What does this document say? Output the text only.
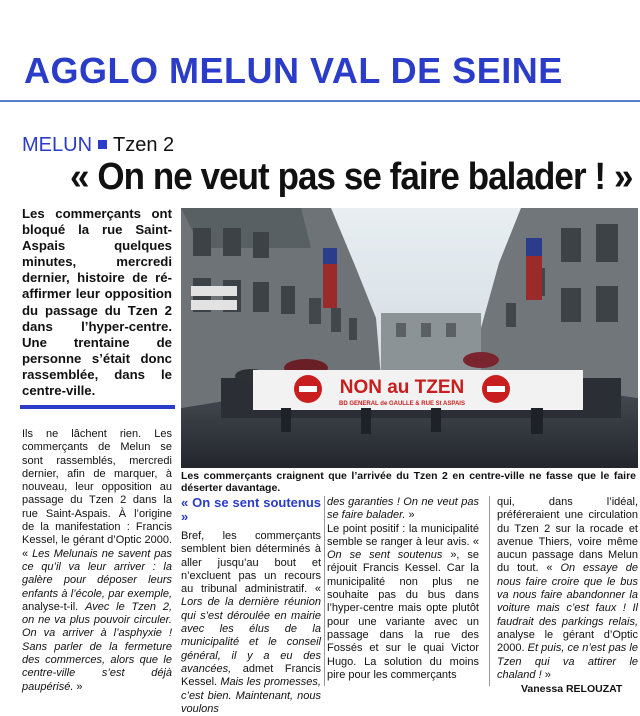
AGGLO MELUN VAL DE SEINE
MELUN Tzen 2
« On ne veut pas se faire balader ! »
Les commerçants ont bloqué la rue Saint-Aspais quelques minutes, mercredi dernier, histoire de ré-affirmer leur opposition du passage du Tzen 2 dans l’hyper-centre. Une trentaine de personne s’était donc rassemblée, dans le centre-ville.	NON au TZEN
BD GENERAL de GAULLE & RUE St ASPAIS
Les commerçants craignent que l’arrivée du Tzen 2 en centre-ville ne fasse que le faire déserter davantage.
Ils ne lâchent rien. Les commerçants de Melun se sont rassemblés, mercredi dernier, afin de marquer, à nouveau, leur opposition au passage du Tzen 2 dans la rue Saint-Aspais. À l’origine de la manifestation : Francis Kessel, le gérant d’Optic 2000. « Les Melunais ne savent pas ce qu’il va leur arriver : la galère pour déposer leurs enfants à l’école, par exemple, analyse-t-il. Avec le Tzen 2, on ne va plus pouvoir circuler. On va arriver à l’asphyxie ! Sans parler de la fermeture des commerces, alors que le centre-ville s’est déjà paupérisé. »
« On se sent soutenus »
Bref, les commerçants semblent bien déterminés à aller jusqu’au bout et n’excluent pas un recours au tribunal administratif. « Lors de la dernière réunion qui s’est déroulée en mairie avec les élus de la municipalité et le conseil général, il y a eu des avancées, admet Francis Kessel. Mais les promesses, c’est bien. Maintenant, nous voulons
des garanties ! On ne veut pas se faire balader. »
Le point positif : la municipalité semble se ranger à leur avis. « On se sent soutenus », se réjouit Francis Kessel. Car la municipalité non plus ne souhaite pas du bus dans l’hyper-centre mais opte plutôt pour une variante avec un passage dans la rue des Fossés et sur le quai Victor Hugo. La solution du moins pire pour les commerçants
qui, dans l’idéal, préféreraient une circulation du Tzen 2 sur la rocade et avenue Thiers, voire même aucun passage dans Melun du tout. « On essaye de nous faire croire que le bus va nous faire abandonner la voiture mais c’est faux ! Il faudrait des parkings relais, analyse le gérant d’Optic 2000. Et puis, ce n’est pas le Tzen qui va attirer le chaland ! »
Vanessa RELOUZAT
